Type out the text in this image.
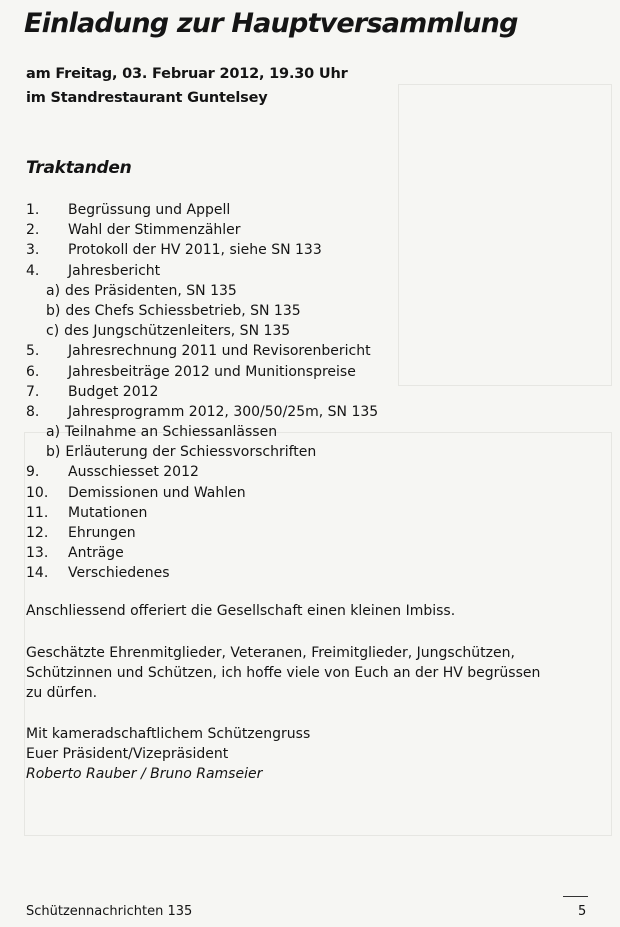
Einladung zur Hauptversammlung
am Freitag, 03. Februar 2012, 19.30 Uhr
im Standrestaurant Guntelsey
Traktanden
1. Begrüssung und Appell
2. Wahl der Stimmenzähler
3. Protokoll der HV 2011, siehe SN 133
4. Jahresbericht
a) des Präsidenten, SN 135
b) des Chefs Schiessbetrieb, SN 135
c) des Jungschützenleiters, SN 135
5. Jahresrechnung 2011 und Revisorenbericht
6. Jahresbeiträge 2012 und Munitionspreise
7. Budget 2012
8. Jahresprogramm 2012, 300/50/25m, SN 135
a) Teilnahme an Schiessanlässen
b) Erläuterung der Schiessvorschriften
9. Ausschiesset 2012
10. Demissionen und Wahlen
11. Mutationen
12. Ehrungen
13. Anträge
14. Verschiedenes

Anschliessend offeriert die Gesellschaft einen kleinen Imbiss.

Geschätzte Ehrenmitglieder, Veteranen, Freimitglieder, Jungschützen,
Schützinnen und Schützen, ich hoffe viele von Euch an der HV begrüssen
zu dürfen.

Mit kameradschaftlichem Schützengruss
Euer Präsident/Vizepräsident
Roberto Rauber / Bruno Ramseier

Schützennachrichten 135	5
